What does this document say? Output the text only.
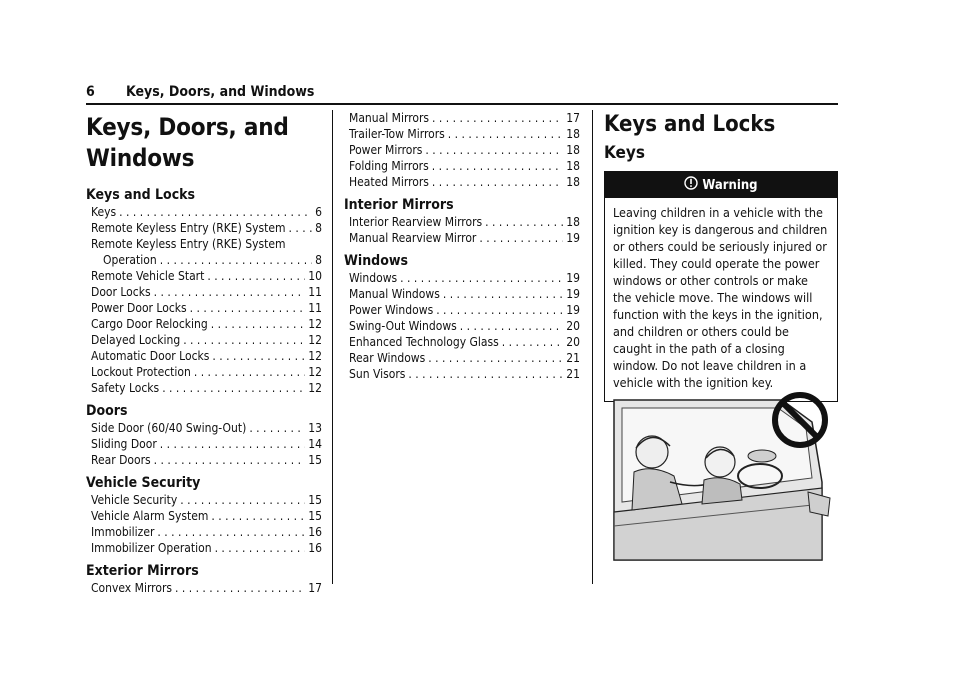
6 Keys, Doors, and Windows
Keys, Doors, and Windows
Keys and Locks
Keys . . .	6
Remote Keyless Entry (RKE) System . . . 8
Remote Keyless Entry (RKE) System
Operation . . .	8
Remote Vehicle Start . . .	10
Door Locks . . .	11
Power Door Locks . . .	11
Cargo Door Relocking . . .	12
Delayed Locking . . .	12
Automatic Door Locks . . .	12
Lockout Protection . . .	12
Safety Locks . . .	12
Doors
Side Door (60/40 Swing-Out) . . .	13
Sliding Door . . .	14
Rear Doors . . .	15
Vehicle Security
Vehicle Security . . .	15
Vehicle Alarm System . . .	15
Immobilizer . . .	16
Immobilizer Operation . . .	16
Exterior Mirrors
Convex Mirrors . . .	17
Manual Mirrors . . .	17
Trailer-Tow Mirrors . . .	18
Power Mirrors . . .	18
Folding Mirrors . . .	18
Heated Mirrors . . .	18
Interior Mirrors
Interior Rearview Mirrors . . .	18
Manual Rearview Mirror . . .	19
Windows
Windows . . .	19
Manual Windows . . .	19
Power Windows . . .	19
Swing-Out Windows . . .	20
Enhanced Technology Glass . . .	20
Rear Windows . . .	21
Sun Visors . . .	21
Keys and Locks
Keys
Warning
Leaving children in a vehicle with the ignition key is dangerous and children or others could be seriously injured or killed. They could operate the power windows or other controls or make the vehicle move. The windows will function with the keys in the ignition, and children or others could be caught in the path of a closing window. Do not leave children in a vehicle with the ignition key.
